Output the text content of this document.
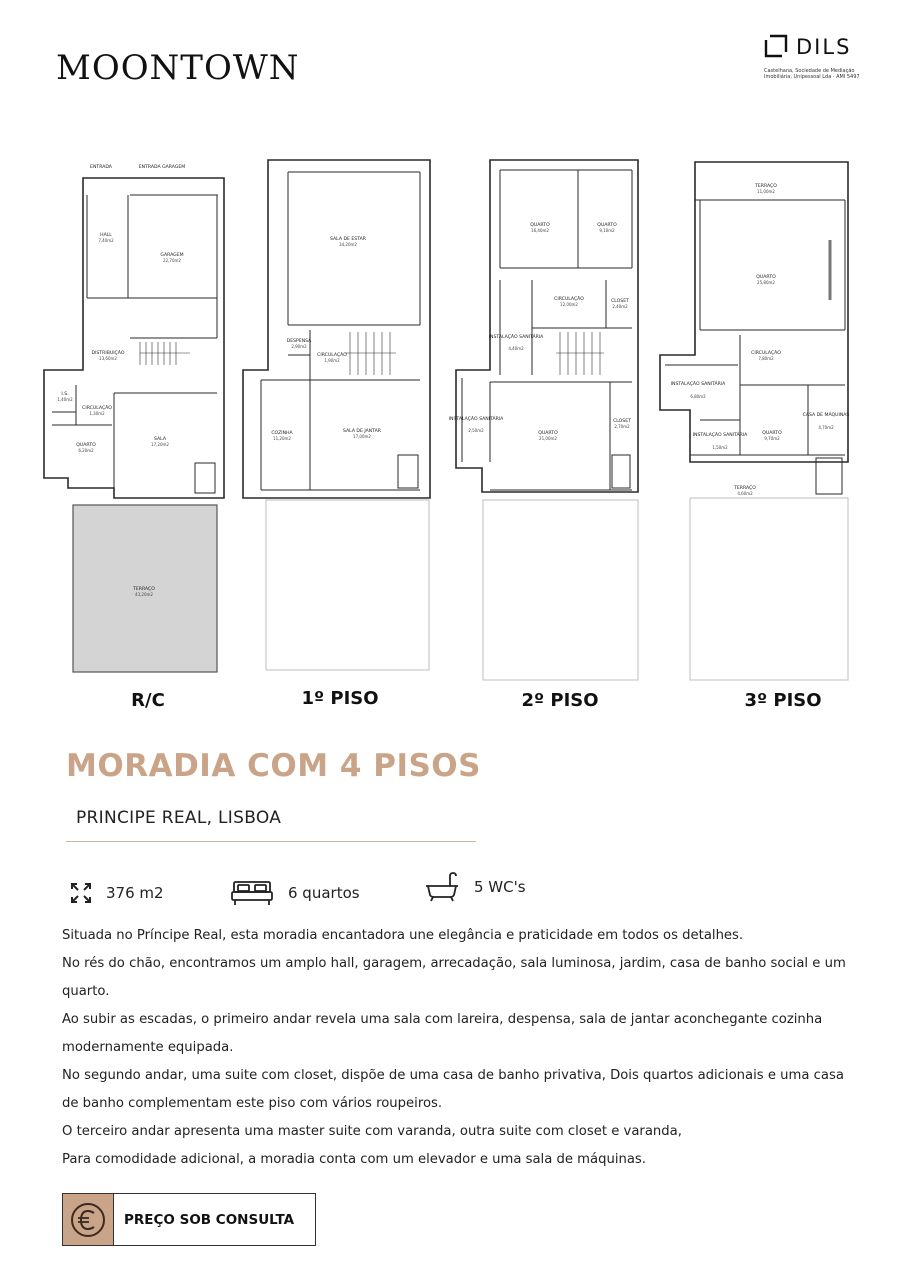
MOONTOWN
DILS
Castelhana, Sociedade de Mediação Imobiliária, Unipessoal Lda · AMI 5497
ENTRADA	ENTRADA GARAGEM
HALL
7,40m2
GARAGEM
22,70m2
DISTRIBUIÇÃO
13,60m2
I.S.
1,40m2
CIRCULAÇÃO
1,30m2
QUARTO
6,20m2
SALA
17,20m2
TERRAÇO
43,20m2
SALA DE ESTAR
34,20m2
DESPENSA
2,90m2
CIRCULAÇÃO
1,90m2
COZINHA
11,20m2
SALA DE JANTAR
17,00m2
QUARTO
16,40m2
QUARTO
9,10m2
INSTALAÇÃO SANITÁRIA
4,40m2
CIRCULAÇÃO
12,00m2
CLOSET
2,40m2
INSTALAÇÃO SANITÁRIA
2,50m2
QUARTO
21,00m2
CLOSET
2,70m2
TERRAÇO
11,00m2
QUARTO
25,80m2
CIRCULAÇÃO
7,80m2
INSTALAÇÃO SANITÁRIA
6,80m2
INSTALAÇÃO SANITÁRIA
1,50m2
QUARTO
9,70m2
CASA DE MÁQUINAS
4,70m2
TERRAÇO
4,60m2
R/C	1º PISO	2º PISO	3º PISO
MORADIA COM 4 PISOS
PRINCIPE REAL, LISBOA
376 m2	6 quartos	5 WC's

Situada no Príncipe Real, esta moradia encantadora une elegância e praticidade em todos os detalhes.

No rés do chão, encontramos um amplo hall, garagem, arrecadação, sala luminosa, jardim, casa de banho social e um quarto.

Ao subir as escadas, o primeiro andar revela uma sala com lareira, despensa, sala de jantar aconchegante cozinha modernamente equipada.

No segundo andar, uma suite com closet, dispõe de uma casa de banho privativa, Dois quartos adicionais e uma casa de banho complementam este piso com vários roupeiros.

O terceiro andar apresenta uma master suite com varanda, outra suite com closet e varanda,

Para comodidade adicional, a moradia conta com um elevador e uma sala de máquinas.

PREÇO SOB CONSULTA
